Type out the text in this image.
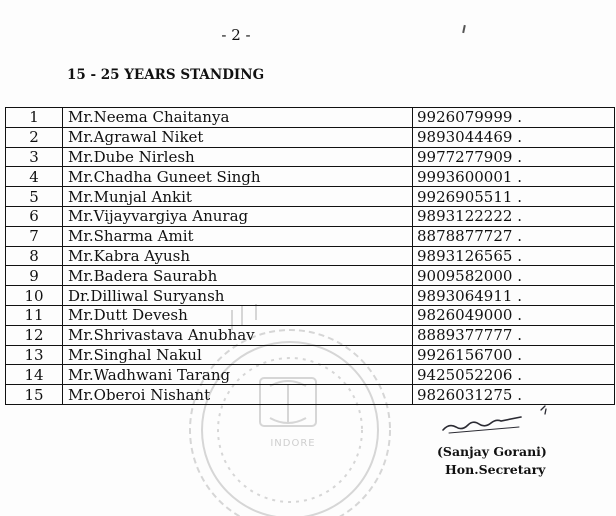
- 2 -
15 - 25 YEARS STANDING
INDORE
1	Mr.Neema Chaitanya	9926079999 .
2	Mr.Agrawal Niket	9893044469 .
3	Mr.Dube Nirlesh	9977277909 .
4	Mr.Chadha Guneet Singh	9993600001 .
5	Mr.Munjal Ankit	9926905511 .
6	Mr.Vijayvargiya Anurag	9893122222 .
7	Mr.Sharma Amit	8878877727 .
8	Mr.Kabra Ayush	9893126565 .
9	Mr.Badera Saurabh	9009582000 .
10	Dr.Dilliwal Suryansh	9893064911 .
11	Mr.Dutt Devesh	9826049000 .
12	Mr.Shrivastava Anubhav	8889377777 .
13	Mr.Singhal Nakul	9926156700 .
14	Mr.Wadhwani Tarang	9425052206 .
15	Mr.Oberoi Nishant	9826031275 .
(Sanjay Gorani)
Hon.Secretary
